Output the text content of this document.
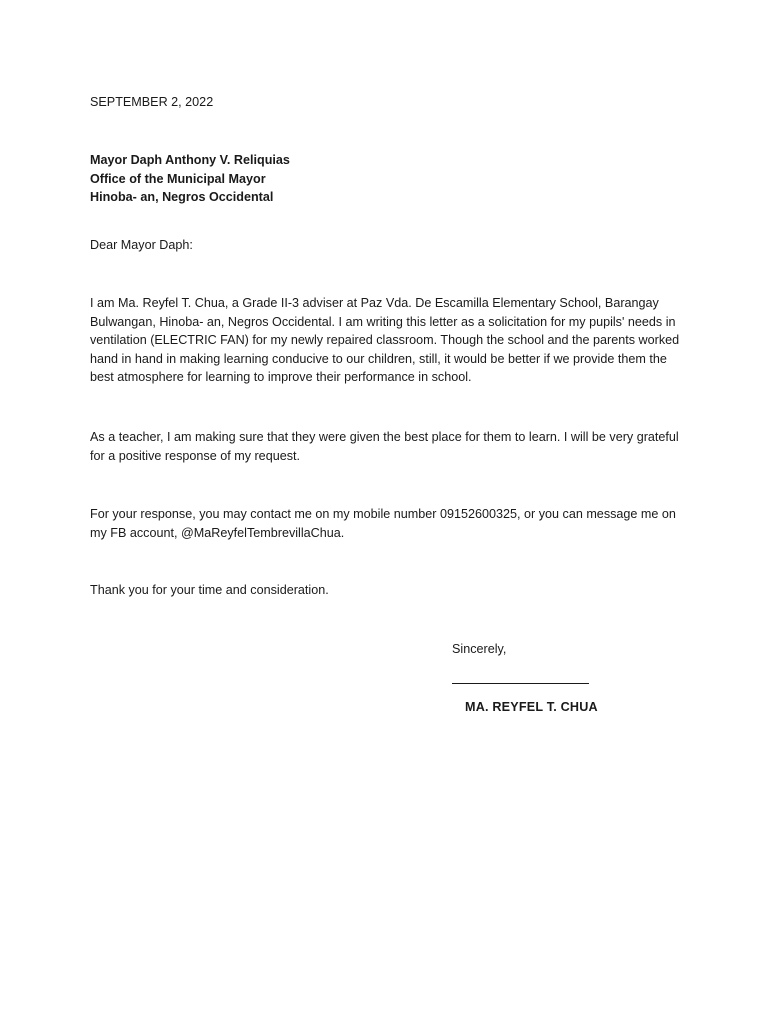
SEPTEMBER 2, 2022
Mayor Daph Anthony V. Reliquias
Office of the Municipal Mayor
Hinoba- an, Negros Occidental
Dear Mayor Daph:

I am Ma. Reyfel T. Chua, a Grade II-3 adviser at Paz Vda. De Escamilla Elementary School, Barangay Bulwangan, Hinoba- an, Negros Occidental. I am writing this letter as a solicitation for my pupils' needs in ventilation (ELECTRIC FAN) for my newly repaired classroom. Though the school and the parents worked hand in hand in making learning conducive to our children, still, it would be better if we provide them the best atmosphere for learning to improve their performance in school.

As a teacher, I am making sure that they were given the best place for them to learn. I will be very grateful for a positive response of my request.

For your response, you may contact me on my mobile number 09152600325, or you can message me on my FB account, @MaReyfelTembrevillaChua.

Thank you for your time and consideration.

Sincerely,
MA. REYFEL T. CHUA
